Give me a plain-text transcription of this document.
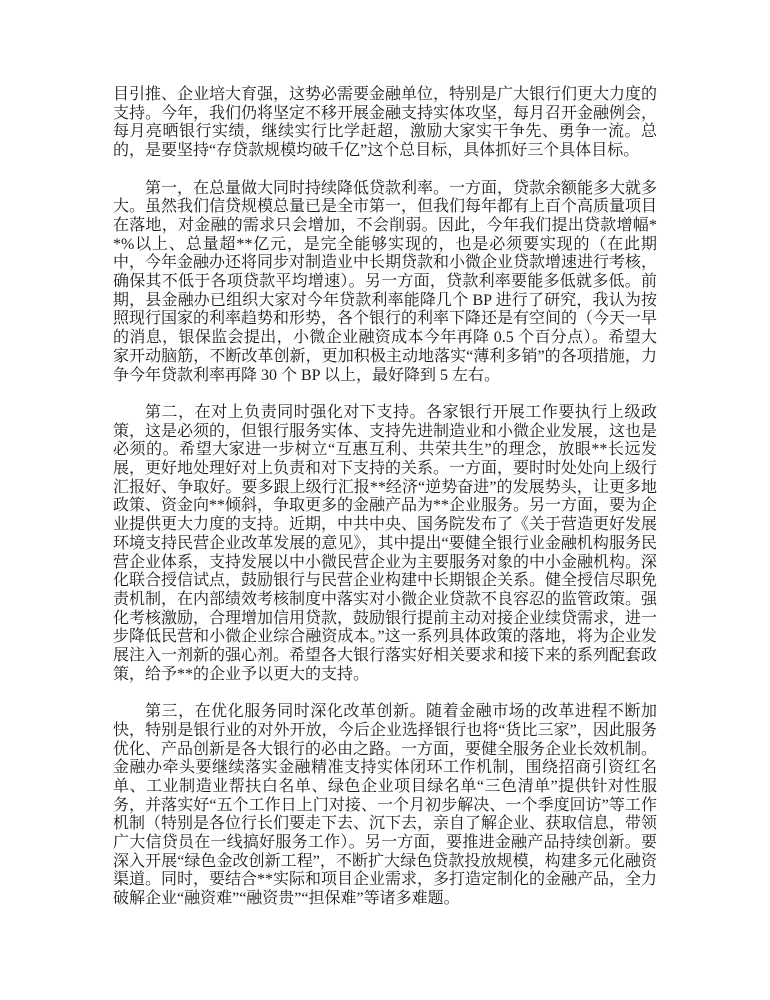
目引推、企业培大育强，这势必需要金融单位，特别是广大银行们更大力度的支持。今年，我们仍将坚定不移开展金融支持实体攻坚，每月召开金融例会，每月亮晒银行实绩，继续实行比学赶超，激励大家实干争先、勇争一流。总的，是要坚持“存贷款规模均破千亿”这个总目标，具体抓好三个具体目标。

第一，在总量做大同时持续降低贷款利率。一方面，贷款余额能多大就多大。虽然我们信贷规模总量已是全市第一，但我们每年都有上百个高质量项目在落地，对金融的需求只会增加，不会削弱。因此，今年我们提出贷款增幅**%以上、总量超**亿元，是完全能够实现的，也是必须要实现的（在此期中，今年金融办还将同步对制造业中长期贷款和小微企业贷款增速进行考核，确保其不低于各项贷款平均增速）。另一方面，贷款利率要能多低就多低。前期，县金融办已组织大家对今年贷款利率能降几个 BP 进行了研究，我认为按照现行国家的利率趋势和形势，各个银行的利率下降还是有空间的（今天一早的消息，银保监会提出，小微企业融资成本今年再降 0.5 个百分点）。希望大家开动脑筋，不断改革创新，更加积极主动地落实“薄利多销”的各项措施，力争今年贷款利率再降 30 个 BP 以上，最好降到 5 左右。

第二，在对上负责同时强化对下支持。各家银行开展工作要执行上级政策，这是必须的，但银行服务实体、支持先进制造业和小微企业发展，这也是必须的。希望大家进一步树立“互惠互利、共荣共生”的理念，放眼**长远发展，更好地处理好对上负责和对下支持的关系。一方面，要时时处处向上级行汇报好、争取好。要多跟上级行汇报**经济“逆势奋进”的发展势头，让更多地政策、资金向**倾斜，争取更多的金融产品为**企业服务。另一方面，要为企业提供更大力度的支持。近期，中共中央、国务院发布了《关于营造更好发展环境支持民营企业改革发展的意见》，其中提出“要健全银行业金融机构服务民营企业体系，支持发展以中小微民营企业为主要服务对象的中小金融机构。深化联合授信试点，鼓励银行与民营企业构建中长期银企关系。健全授信尽职免责机制，在内部绩效考核制度中落实对小微企业贷款不良容忍的监管政策。强化考核激励，合理增加信用贷款，鼓励银行提前主动对接企业续贷需求，进一步降低民营和小微企业综合融资成本。”这一系列具体政策的落地，将为企业发展注入一剂新的强心剂。希望各大银行落实好相关要求和接下来的系列配套政策，给予**的企业予以更大的支持。

第三，在优化服务同时深化改革创新。随着金融市场的改革进程不断加快，特别是银行业的对外开放，今后企业选择银行也将“货比三家”，因此服务优化、产品创新是各大银行的必由之路。一方面，要健全服务企业长效机制。金融办牵头要继续落实金融精准支持实体闭环工作机制，围绕招商引资红名单、工业制造业帮扶白名单、绿色企业项目绿名单“三色清单”提供针对性服务，并落实好“五个工作日上门对接、一个月初步解决、一个季度回访”等工作机制（特别是各位行长们要走下去、沉下去，亲自了解企业、获取信息，带领广大信贷员在一线搞好服务工作）。另一方面，要推进金融产品持续创新。要深入开展“绿色金改创新工程”，不断扩大绿色贷款投放规模，构建多元化融资渠道。同时，要结合**实际和项目企业需求，多打造定制化的金融产品，全力破解企业“融资难”“融资贵”“担保难”等诸多难题。
